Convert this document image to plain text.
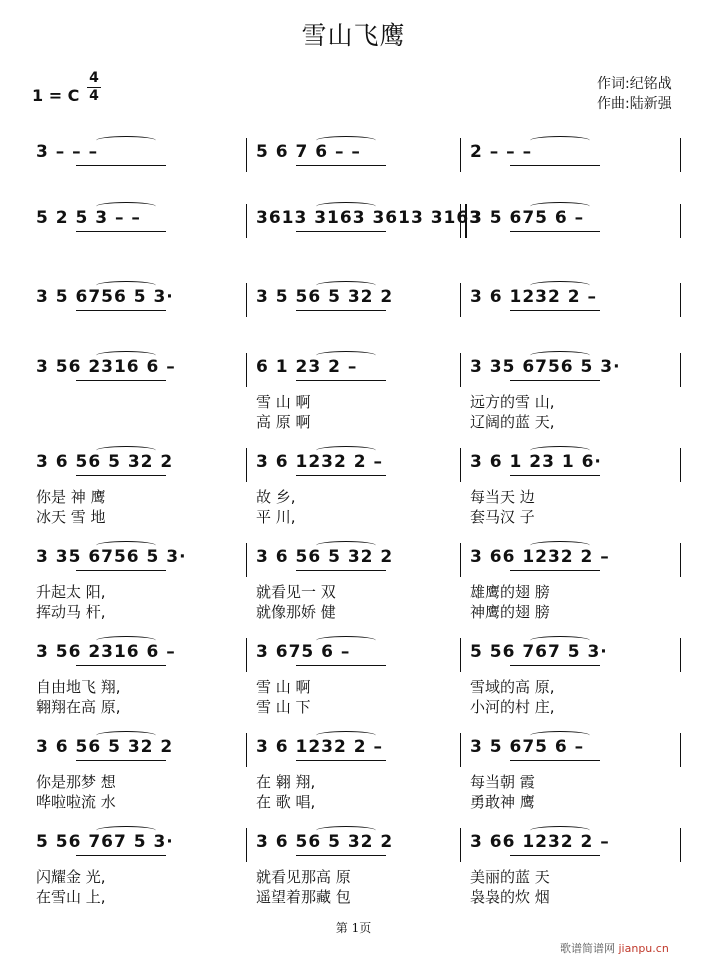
雪山飞鹰
1 = C
4
4
作词:纪铭战
作曲:陆新强
3 – – –	5 6 7 6 – –	2 – – –
5 2 5 3 – –	3613 3163 3613 3163
3 5 675 6 –
3 5 6756 5 3·	3 5 56 5 32 2	3 6 1232 2 –
3 56 2316 6 –	6 1 23 2 –	3 35 6756 5 3·
雪 山 啊	远方的雪 山,
高 原 啊	辽阔的蓝 天,
3 6 56 5 32 2	3 6 1232 2 –	3 6 1 23 1 6·
你是 神 鹰	故 乡,	每当天 边
冰天 雪 地	平 川,	套马汉 子
3 35 6756 5 3·	3 6 56 5 32 2	3 66 1232 2 –
升起太 阳,	就看见一 双	雄鹰的翅 膀
挥动马 杆,	就像那娇 健	神鹰的翅 膀
3 56 2316 6 –	3 675 6 –	5 56 767 5 3·
自由地飞 翔,	雪 山 啊	雪域的高 原,
翱翔在高 原,	雪 山 下	小河的村 庄,
3 6 56 5 32 2	3 6 1232 2 –	3 5 675 6 –
你是那梦 想	在 翱 翔,	每当朝 霞
哗啦啦流 水	在 歌 唱,	勇敢神 鹰
5 56 767 5 3·	3 6 56 5 32 2	3 66 1232 2 –
闪耀金 光,	就看见那高 原	美丽的蓝 天
在雪山 上,	遥望着那藏 包	袅袅的炊 烟
第 1页
歌谱简谱网 jianpu.cn
